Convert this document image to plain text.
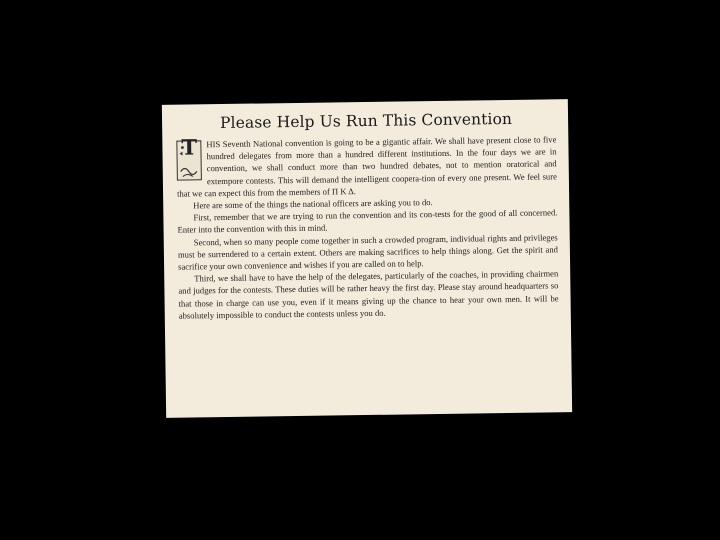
Please Help Us Run This Convention

T HIS Seventh National convention is going to be a gigantic affair. We shall have present close to five hundred delegates from more than a hundred different institutions. In the four days we are in convention, we shall conduct more than two hundred debates, not to mention oratorical and extempore contests. This will demand the intelligent coopera-tion of every one present. We feel sure that we can expect this from the members of Π Κ Δ.

Here are some of the things the national officers are asking you to do.

First, remember that we are trying to run the convention and its con-tests for the good of all concerned. Enter into the convention with this in mind.

Second, when so many people come together in such a crowded program, individual rights and privileges must be surrendered to a certain extent. Others are making sacrifices to help things along. Get the spirit and sacrifice your own convenience and wishes if you are called on to help.

Third, we shall have to have the help of the delegates, particularly of the coaches, in providing chairmen and judges for the contests. These duties will be rather heavy the first day. Please stay around headquarters so that those in charge can use you, even if it means giving up the chance to hear your own men. It will be absolutely impossible to conduct the contests unless you do.
